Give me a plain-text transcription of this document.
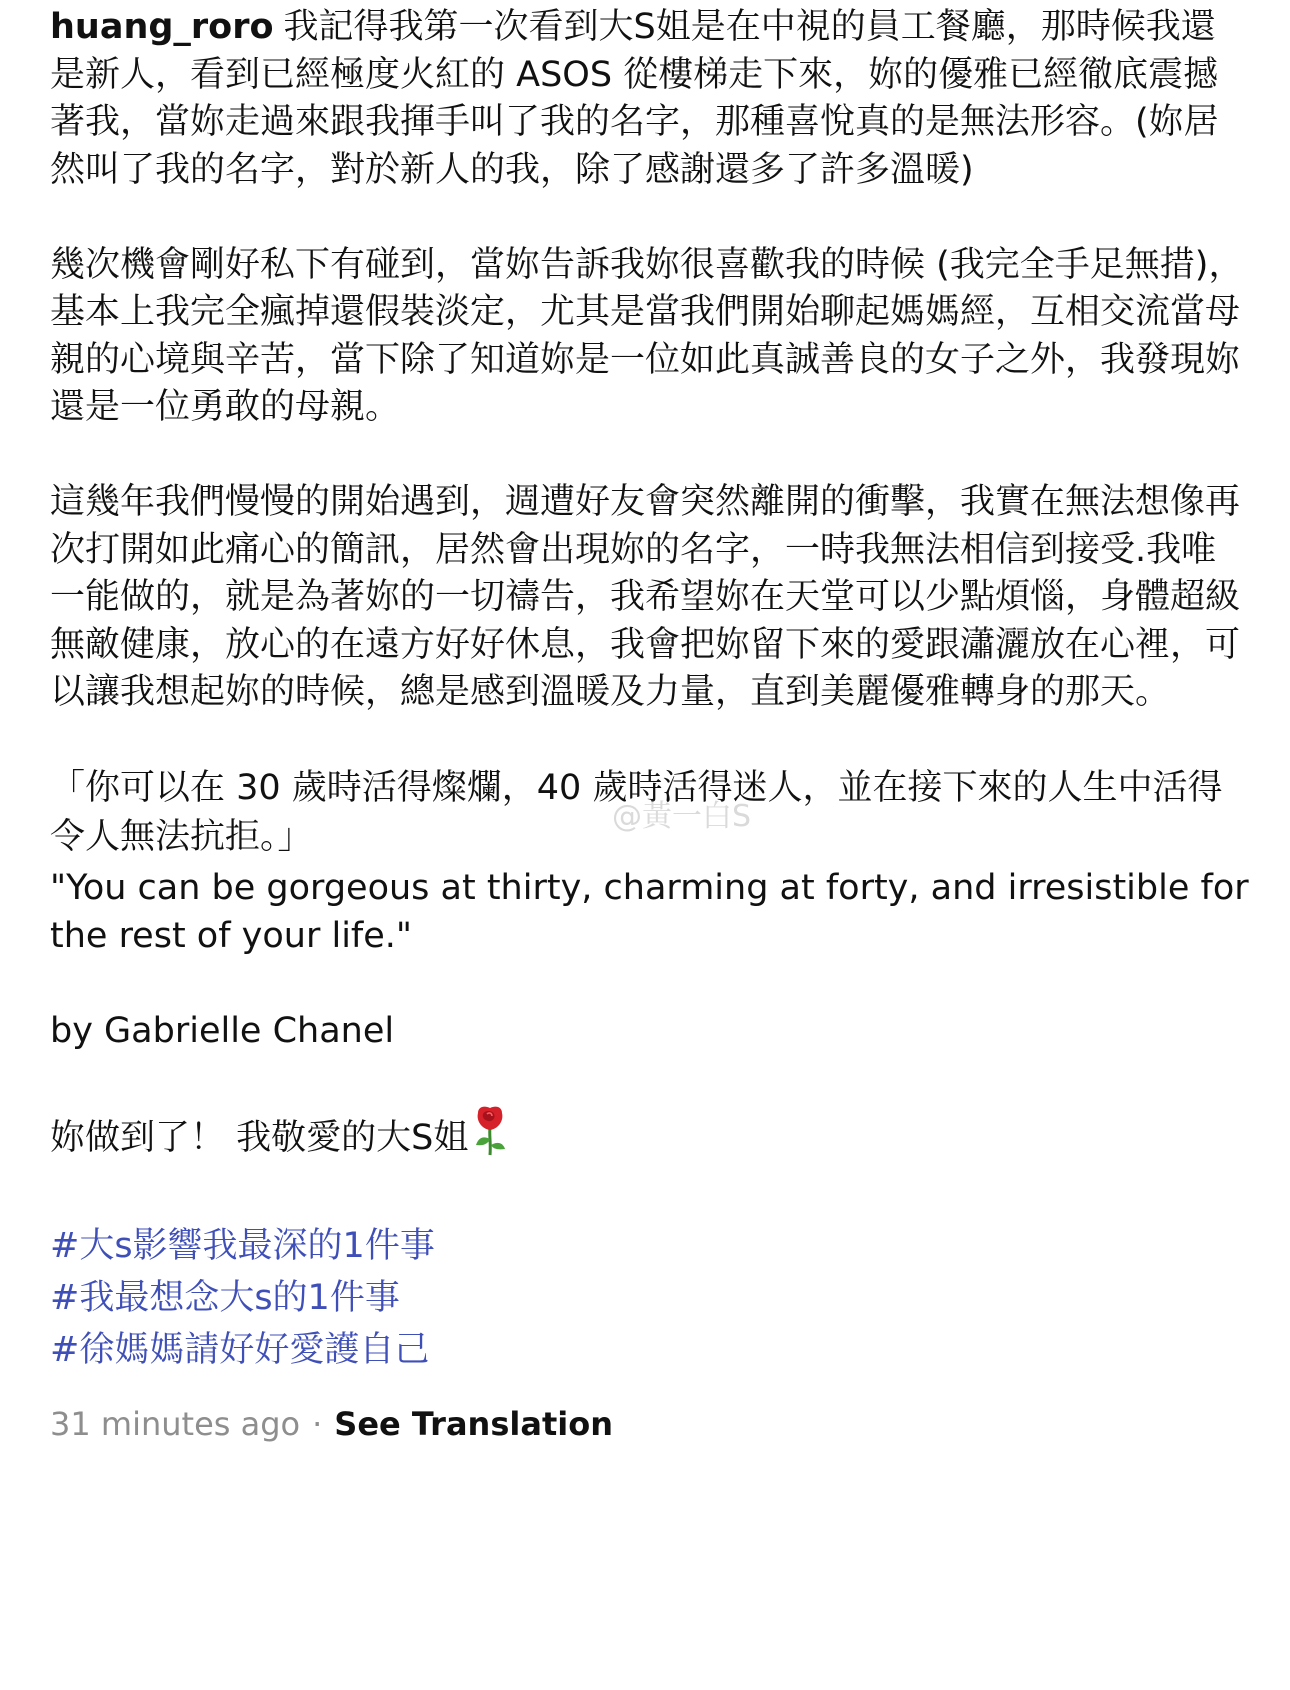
huang_roro 我記得我第一次看到大S姐是在中視的員工餐廳，那時候我還是新人，看到已經極度火紅的 ASOS 從樓梯走下來，妳的優雅已經徹底震撼著我，當妳走過來跟我揮手叫了我的名字，那種喜悅真的是無法形容。(妳居然叫了我的名字，對於新人的我，除了感謝還多了許多溫暖)

幾次機會剛好私下有碰到，當妳告訴我妳很喜歡我的時候 (我完全手足無措)，基本上我完全瘋掉還假裝淡定，尤其是當我們開始聊起媽媽經，互相交流當母親的心境與辛苦，當下除了知道妳是一位如此真誠善良的女子之外，我發現妳還是一位勇敢的母親。

這幾年我們慢慢的開始遇到，週遭好友會突然離開的衝擊，我實在無法想像再次打開如此痛心的簡訊，居然會出現妳的名字，一時我無法相信到接受.我唯一能做的，就是為著妳的一切禱告，我希望妳在天堂可以少點煩惱，身體超級無敵健康，放心的在遠方好好休息，我會把妳留下來的愛跟瀟灑放在心裡，可以讓我想起妳的時候，總是感到溫暖及力量，直到美麗優雅轉身的那天。

「你可以在 30 歲時活得燦爛，40 歲時活得迷人，並在接下來的人生中活得令人無法抗拒。」

"You can be gorgeous at thirty, charming at forty, and irresistible for the rest of your life."

by Gabrielle Chanel

妳做到了！ 我敬愛的大S姐

#大s影響我最深的1件事
#我最想念大s的1件事
#徐媽媽請好好愛護自己
31 minutes ago · See Translation
@黃一白S
